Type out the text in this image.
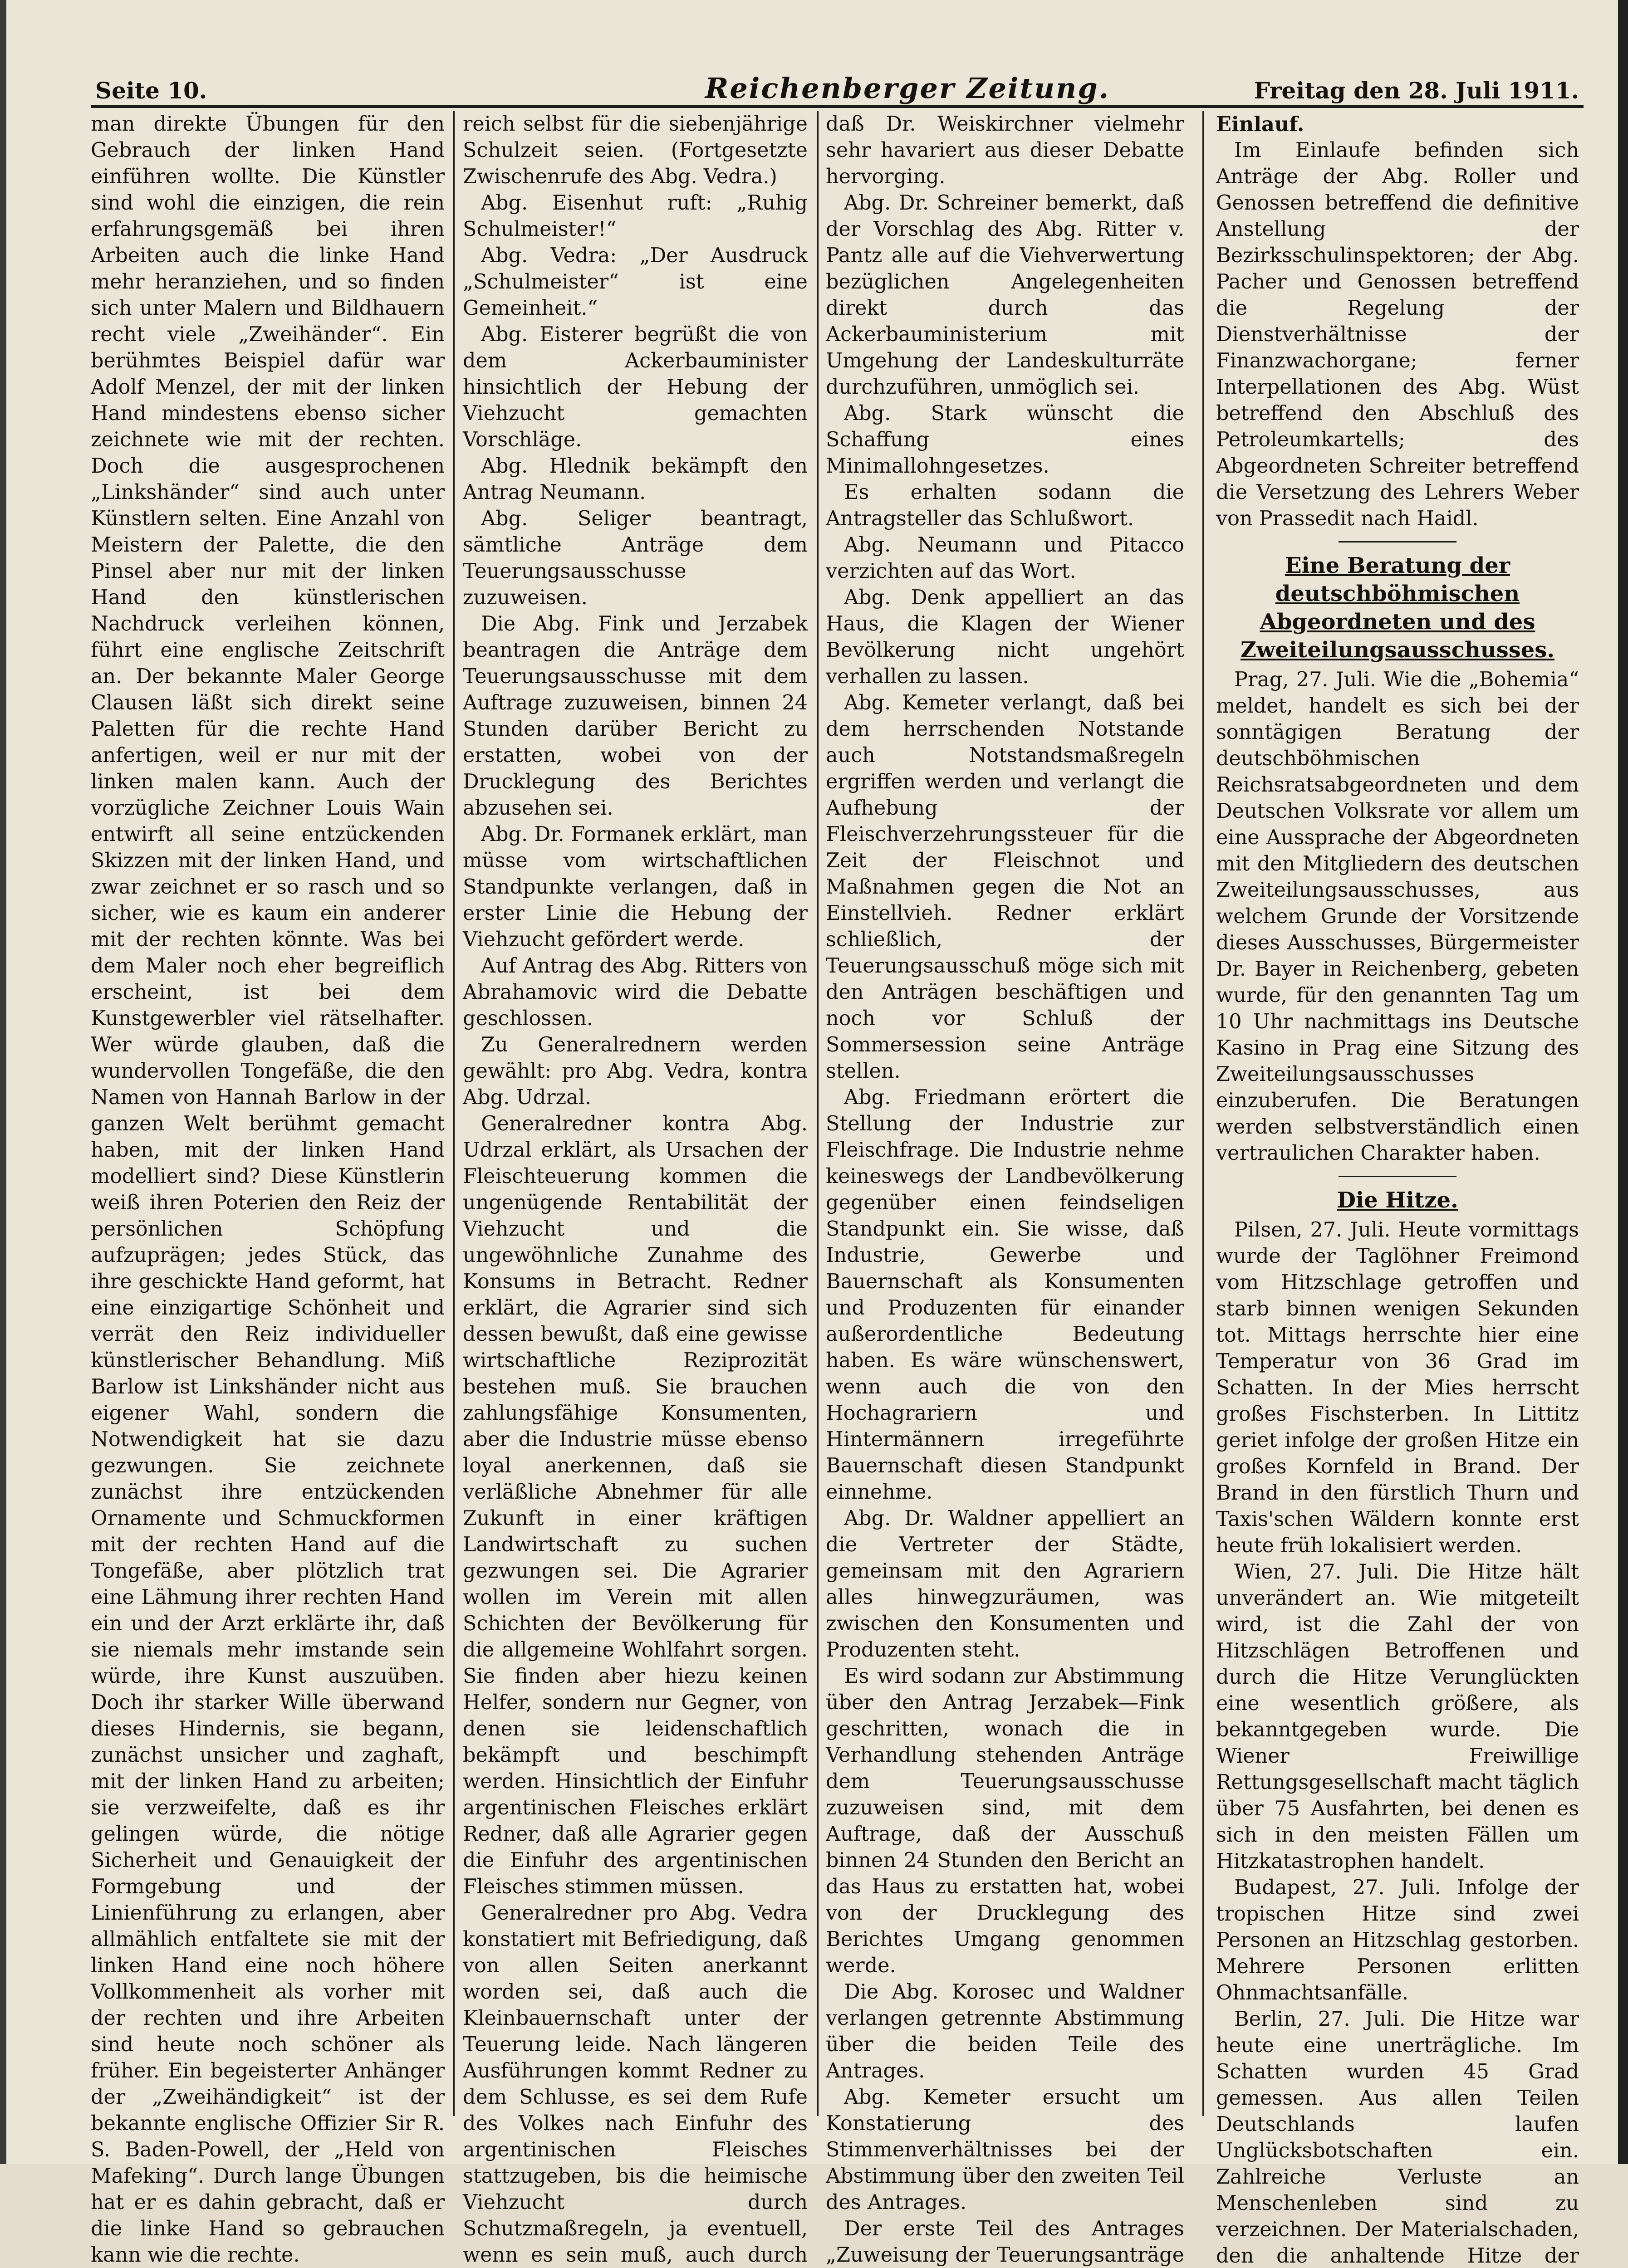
Seite 10.	Reichenberger Zeitung.	Freitag den 28. Juli 1911.

man direkte Übungen für den Gebrauch der linken Hand einführen wollte. Die Künstler sind wohl die einzigen, die rein erfahrungsgemäß bei ihren Arbeiten auch die linke Hand mehr heranziehen, und so finden sich unter Malern und Bildhauern recht viele „Zweihänder“. Ein berühmtes Beispiel dafür war Adolf Menzel, der mit der linken Hand mindestens ebenso sicher zeichnete wie mit der rechten. Doch die ausgesprochenen „Linkshänder“ sind auch unter Künstlern selten. Eine Anzahl von Meistern der Palette, die den Pinsel aber nur mit der linken Hand den künstlerischen Nachdruck verleihen können, führt eine englische Zeitschrift an. Der bekannte Maler George Clausen läßt sich direkt seine Paletten für die rechte Hand anfertigen, weil er nur mit der linken malen kann. Auch der vorzügliche Zeichner Louis Wain entwirft all seine entzückenden Skizzen mit der linken Hand, und zwar zeichnet er so rasch und so sicher, wie es kaum ein anderer mit der rechten könnte. Was bei dem Maler noch eher begreiflich erscheint, ist bei dem Kunstgewerbler viel rätselhafter. Wer würde glauben, daß die wundervollen Tongefäße, die den Namen von Hannah Barlow in der ganzen Welt berühmt gemacht haben, mit der linken Hand modelliert sind? Diese Künstlerin weiß ihren Poterien den Reiz der persönlichen Schöpfung aufzuprägen; jedes Stück, das ihre geschickte Hand geformt, hat eine einzigartige Schönheit und verrät den Reiz individueller künstlerischer Behandlung. Miß Barlow ist Linkshänder nicht aus eigener Wahl, sondern die Notwendigkeit hat sie dazu gezwungen. Sie zeichnete zunächst ihre entzückenden Ornamente und Schmuckformen mit der rechten Hand auf die Tongefäße, aber plötzlich trat eine Lähmung ihrer rechten Hand ein und der Arzt erklärte ihr, daß sie niemals mehr imstande sein würde, ihre Kunst auszuüben. Doch ihr starker Wille überwand dieses Hindernis, sie begann, zunächst unsicher und zaghaft, mit der linken Hand zu arbeiten; sie verzweifelte, daß es ihr gelingen würde, die nötige Sicherheit und Genauigkeit der Formgebung und der Linienführung zu erlangen, aber allmählich entfaltete sie mit der linken Hand eine noch höhere Vollkommenheit als vorher mit der rechten und ihre Arbeiten sind heute noch schöner als früher. Ein begeisterter Anhänger der „Zweihändigkeit“ ist der bekannte englische Offizier Sir R. S. Baden-Powell, der „Held von Mafeking“. Durch lange Übungen hat er es dahin gebracht, daß er die linke Hand so gebrauchen kann wie die rechte.

reich selbst für die siebenjährige Schulzeit seien. (Fortgesetzte Zwischenrufe des Abg. Vedra.)

Abg. Eisenhut ruft: „Ruhig Schulmeister!“

Abg. Vedra: „Der Ausdruck „Schulmeister“ ist eine Gemeinheit.“

Abg. Eisterer begrüßt die von dem Ackerbauminister hinsichtlich der Hebung der Viehzucht gemachten Vorschläge.

Abg. Hlednik bekämpft den Antrag Neumann.

Abg. Seliger beantragt, sämtliche Anträge dem Teuerungsausschusse zuzuweisen.

Die Abg. Fink und Jerzabek beantragen die Anträge dem Teuerungsausschusse mit dem Auftrage zuzuweisen, binnen 24 Stunden darüber Bericht zu erstatten, wobei von der Drucklegung des Berichtes abzusehen sei.

Abg. Dr. Formanek erklärt, man müsse vom wirtschaftlichen Standpunkte verlangen, daß in erster Linie die Hebung der Viehzucht gefördert werde.

Auf Antrag des Abg. Ritters von Abrahamovic wird die Debatte geschlossen.

Zu Generalrednern werden gewählt: pro Abg. Vedra, kontra Abg. Udrzal.

Generalredner kontra Abg. Udrzal erklärt, als Ursachen der Fleischteuerung kommen die ungenügende Rentabilität der Viehzucht und die ungewöhnliche Zunahme des Konsums in Betracht. Redner erklärt, die Agrarier sind sich dessen bewußt, daß eine gewisse wirtschaftliche Reziprozität bestehen muß. Sie brauchen zahlungsfähige Konsumenten, aber die Industrie müsse ebenso loyal anerkennen, daß sie verläßliche Abnehmer für alle Zukunft in einer kräftigen Landwirtschaft zu suchen gezwungen sei. Die Agrarier wollen im Verein mit allen Schichten der Bevölkerung für die allgemeine Wohlfahrt sorgen. Sie finden aber hiezu keinen Helfer, sondern nur Gegner, von denen sie leidenschaftlich bekämpft und beschimpft werden. Hinsichtlich der Einfuhr argentinischen Fleisches erklärt Redner, daß alle Agrarier gegen die Einfuhr des argentinischen Fleisches stimmen müssen.

Generalredner pro Abg. Vedra konstatiert mit Befriedigung, daß von allen Seiten anerkannt worden sei, daß auch die Kleinbauernschaft unter der Teuerung leide. Nach längeren Ausführungen kommt Redner zu dem Schlusse, es sei dem Rufe des Volkes nach Einfuhr des argentinischen Fleisches stattzugeben, bis die heimische Viehzucht durch Schutzmaßregeln, ja eventuell, wenn es sein muß, auch durch

daß Dr. Weiskirchner vielmehr sehr havariert aus dieser Debatte hervorging.

Abg. Dr. Schreiner bemerkt, daß der Vorschlag des Abg. Ritter v. Pantz alle auf die Viehverwertung bezüglichen Angelegenheiten direkt durch das Ackerbauministerium mit Umgehung der Landeskulturräte durchzuführen, unmöglich sei.

Abg. Stark wünscht die Schaffung eines Minimallohngesetzes.

Es erhalten sodann die Antragsteller das Schlußwort.

Abg. Neumann und Pitacco verzichten auf das Wort.

Abg. Denk appelliert an das Haus, die Klagen der Wiener Bevölkerung nicht ungehört verhallen zu lassen.

Abg. Kemeter verlangt, daß bei dem herrschenden Notstande auch Notstandsmaßregeln ergriffen werden und verlangt die Aufhebung der Fleischverzehrungssteuer für die Zeit der Fleischnot und Maßnahmen gegen die Not an Einstellvieh. Redner erklärt schließlich, der Teuerungsausschuß möge sich mit den Anträgen beschäftigen und noch vor Schluß der Sommersession seine Anträge stellen.

Abg. Friedmann erörtert die Stellung der Industrie zur Fleischfrage. Die Industrie nehme keineswegs der Landbevölkerung gegenüber einen feindseligen Standpunkt ein. Sie wisse, daß Industrie, Gewerbe und Bauernschaft als Konsumenten und Produzenten für einander außerordentliche Bedeutung haben. Es wäre wünschenswert, wenn auch die von den Hochagrariern und Hintermännern irregeführte Bauernschaft diesen Standpunkt einnehme.

Abg. Dr. Waldner appelliert an die Vertreter der Städte, gemeinsam mit den Agrariern alles hinwegzuräumen, was zwischen den Konsumenten und Produzenten steht.

Es wird sodann zur Abstimmung über den Antrag Jerzabek—Fink geschritten, wonach die in Verhandlung stehenden Anträge dem Teuerungsausschusse zuzuweisen sind, mit dem Auftrage, daß der Ausschuß binnen 24 Stunden den Bericht an das Haus zu erstatten hat, wobei von der Drucklegung des Berichtes Umgang genommen werde.

Die Abg. Korosec und Waldner verlangen getrennte Abstimmung über die beiden Teile des Antrages.

Abg. Kemeter ersucht um Konstatierung des Stimmenverhältnisses bei der Abstimmung über den zweiten Teil des Antrages.

Der erste Teil des Antrages „Zuweisung der Teuerungsanträge

Einlauf.

Im Einlaufe befinden sich Anträge der Abg. Roller und Genossen betreffend die definitive Anstellung der Bezirksschulinspektoren; der Abg. Pacher und Genossen betreffend die Regelung der Dienstverhältnisse der Finanzwachorgane; ferner Interpellationen des Abg. Wüst betreffend den Abschluß des Petroleumkartells; des Abgeordneten Schreiter betreffend die Versetzung des Lehrers Weber von Prassedit nach Haidl.

Eine Beratung der deutschböhmischen Abgeordneten und des Zweiteilungsausschusses.

Prag, 27. Juli. Wie die „Bohemia“ meldet, handelt es sich bei der sonntägigen Beratung der deutschböhmischen Reichsratsabgeordneten und dem Deutschen Volksrate vor allem um eine Aussprache der Abgeordneten mit den Mitgliedern des deutschen Zweiteilungsausschusses, aus welchem Grunde der Vorsitzende dieses Ausschusses, Bürgermeister Dr. Bayer in Reichenberg, gebeten wurde, für den genannten Tag um 10 Uhr nachmittags ins Deutsche Kasino in Prag eine Sitzung des Zweiteilungsausschusses einzuberufen. Die Beratungen werden selbstverständlich einen vertraulichen Charakter haben.

Die Hitze.

Pilsen, 27. Juli. Heute vormittags wurde der Taglöhner Freimond vom Hitzschlage getroffen und starb binnen wenigen Sekunden tot. Mittags herrschte hier eine Temperatur von 36 Grad im Schatten. In der Mies herrscht großes Fischsterben. In Littitz geriet infolge der großen Hitze ein großes Kornfeld in Brand. Der Brand in den fürstlich Thurn und Taxis'schen Wäldern konnte erst heute früh lokalisiert werden.

Wien, 27. Juli. Die Hitze hält unverändert an. Wie mitgeteilt wird, ist die Zahl der von Hitzschlägen Betroffenen und durch die Hitze Verunglückten eine wesentlich größere, als bekanntgegeben wurde. Die Wiener Freiwillige Rettungsgesellschaft macht täglich über 75 Ausfahrten, bei denen es sich in den meisten Fällen um Hitzkatastrophen handelt.

Budapest, 27. Juli. Infolge der tropischen Hitze sind zwei Personen an Hitzschlag gestorben. Mehrere Personen erlitten Ohnmachtsanfälle.

Berlin, 27. Juli. Die Hitze war heute eine unerträgliche. Im Schatten wurden 45 Grad gemessen. Aus allen Teilen Deutschlands laufen Unglücksbotschaften ein. Zahlreiche Verluste an Menschenleben sind zu verzeichnen. Der Materialschaden, den die anhaltende Hitze der
